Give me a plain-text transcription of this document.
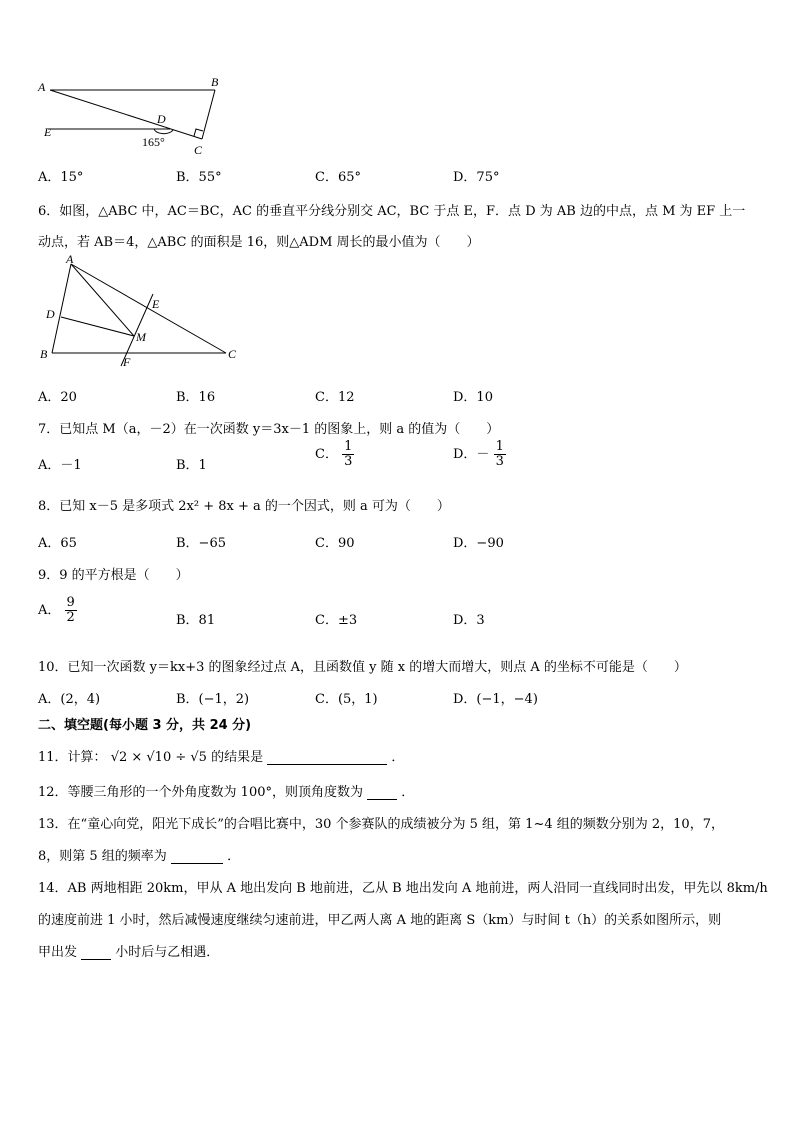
A	B
C
D
E
165°
A．15°	B．55°	C．65°	D．75°
6．如图，△ABC 中，AC＝BC，AC 的垂直平分线分别交 AC，BC 于点 E，F．点 D 为 AB 边的中点，点 M 为 EF 上一
动点，若 AB＝4，△ABC 的面积是 16，则△ADM 周长的最小值为（　　）
A
B	C
D
E
F
M
A．20	B．16	C．12	D．10
7．已知点 M（a，－2）在一次函数 y＝3x－1 的图象上，则 a 的值为（　　）
A．－1	B．1
C． $\frac{1}{3}$	D．－ $\frac{1}{3}$
8．已知 x－5 是多项式 2x² + 8x + a 的一个因式，则 a 可为（　　）
A．65	B．−65	C．90	D．−90
9．9 的平方根是（　　）
A． $\frac{9}{2}$	B．81	C．±3	D．3
10．已知一次函数 y＝kx+3 的图象经过点 A，且函数值 y 随 x 的增大而增大，则点 A 的坐标不可能是（　　）
A．(2，4)	B．(−1，2)	C．(5，1)	D．(−1，−4)
二、填空题(每小题 3 分，共 24 分)
11．计算： √2 × √10 ÷ √5 的结果是	．
12．等腰三角形的一个外角度数为 100°，则顶角度数为	．
13．在“童心向党，阳光下成长”的合唱比赛中，30 个参赛队的成绩被分为 5 组，第 1~4 组的频数分别为 2，10，7，
8，则第 5 组的频率为	．
14．AB 两地相距 20km，甲从 A 地出发向 B 地前进，乙从 B 地出发向 A 地前进，两人沿同一直线同时出发，甲先以 8km/h
的速度前进 1 小时，然后减慢速度继续匀速前进，甲乙两人离 A 地的距离 S（km）与时间 t（h）的关系如图所示，则
甲出发	小时后与乙相遇．
